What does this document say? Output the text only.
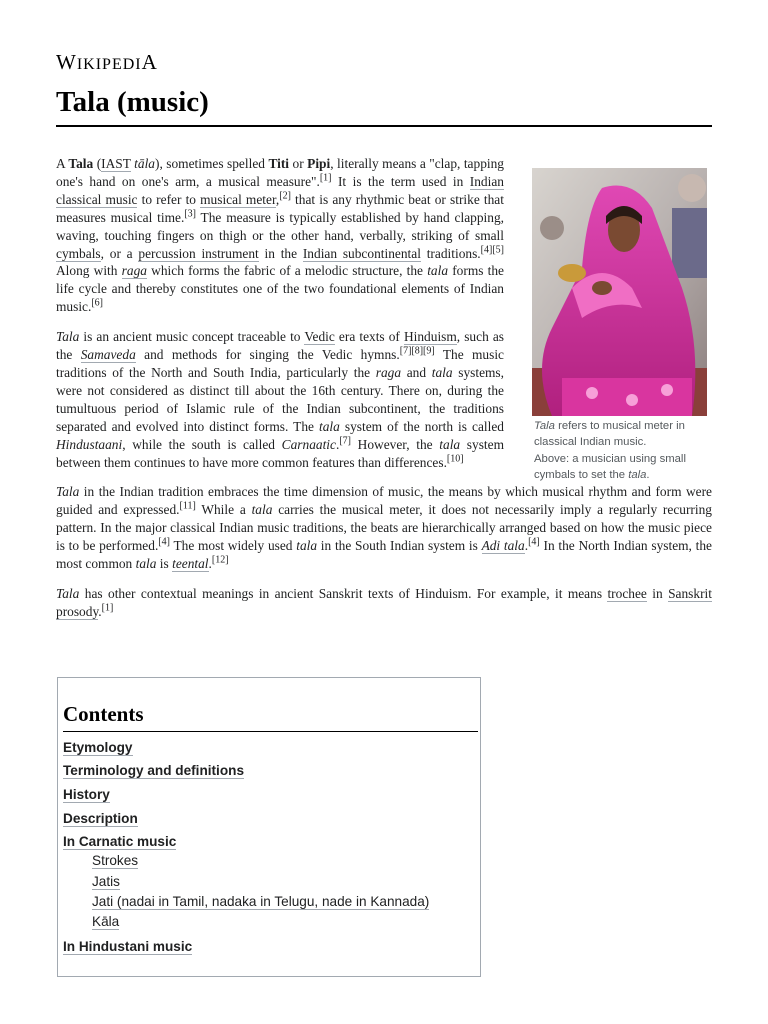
WIKIPEDIA
Tala (music)
Tala refers to musical meter in classical Indian music.
Above: a musician using small cymbals to set the tala.

A Tala (IAST tāla), sometimes spelled Titi or Pipi, literally means a "clap, tapping one's hand on one's arm, a musical measure".[1] It is the term used in Indian classical music to refer to musical meter,[2] that is any rhythmic beat or strike that measures musical time.[3] The measure is typically established by hand clapping, waving, touching fingers on thigh or the other hand, verbally, striking of small cymbals, or a percussion instrument in the Indian subcontinental traditions.[4][5] Along with raga which forms the fabric of a melodic structure, the tala forms the life cycle and thereby constitutes one of the two foundational elements of Indian music.[6]

Tala is an ancient music concept traceable to Vedic era texts of Hinduism, such as the Samaveda and methods for singing the Vedic hymns.[7][8][9] The music traditions of the North and South India, particularly the raga and tala systems, were not considered as distinct till about the 16th century. There on, during the tumultuous period of Islamic rule of the Indian subcontinent, the traditions separated and evolved into distinct forms. The tala system of the north is called Hindustaani, while the south is called Carnaatic.[7] However, the tala system between them continues to have more common features than differences.[10]

Tala in the Indian tradition embraces the time dimension of music, the means by which musical rhythm and form were guided and expressed.[11] While a tala carries the musical meter, it does not necessarily imply a regularly recurring pattern. In the major classical Indian music traditions, the beats are hierarchically arranged based on how the music piece is to be performed.[4] The most widely used tala in the South Indian system is Adi tala.[4] In the North Indian system, the most common tala is teental.[12]

Tala has other contextual meanings in ancient Sanskrit texts of Hinduism. For example, it means trochee in Sanskrit prosody.[1]

Contents
Etymology
Terminology and definitions
History
Description
In Carnatic music
Strokes
Jatis
Jati (nadai in Tamil, nadaka in Telugu, nade in Kannada)
Kāla
In Hindustani music
